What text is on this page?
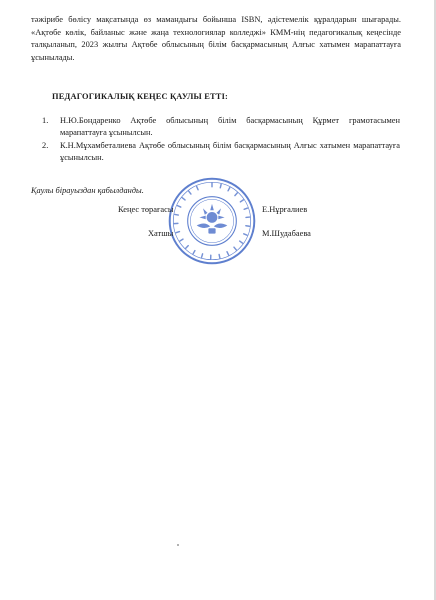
тәжірибе бөлісу мақсатында өз мамандығы бойынша ISBN, әдістемелік құралдарын шығарады. «Ақтөбе көлік, байланыс және жаңа технологиялар колледжі» КММ-нің педагогикалық кеңесінде талқыланып, 2023 жылғы Ақтөбе облысының білім басқармасының Алғыс хатымен марапаттауға ұсынылады.

ПЕДАГОГИКАЛЫҚ КЕҢЕС ҚАУЛЫ ЕТТІ:
1. Н.Ю.Бондаренко Ақтөбе облысының білім басқармасының Құрмет грамотасымен марапаттауға ұсынылсын.
2. К.Н.Мұхамбеталиева Ақтөбе облысының білім басқармасының Алғыс хатымен марапаттауға ұсынылсын.
Қаулы бірауыздан қабылданды.
Кеңес төрағасы	Е.Нұрғалиев
Хатшы	М.Шудабаева
